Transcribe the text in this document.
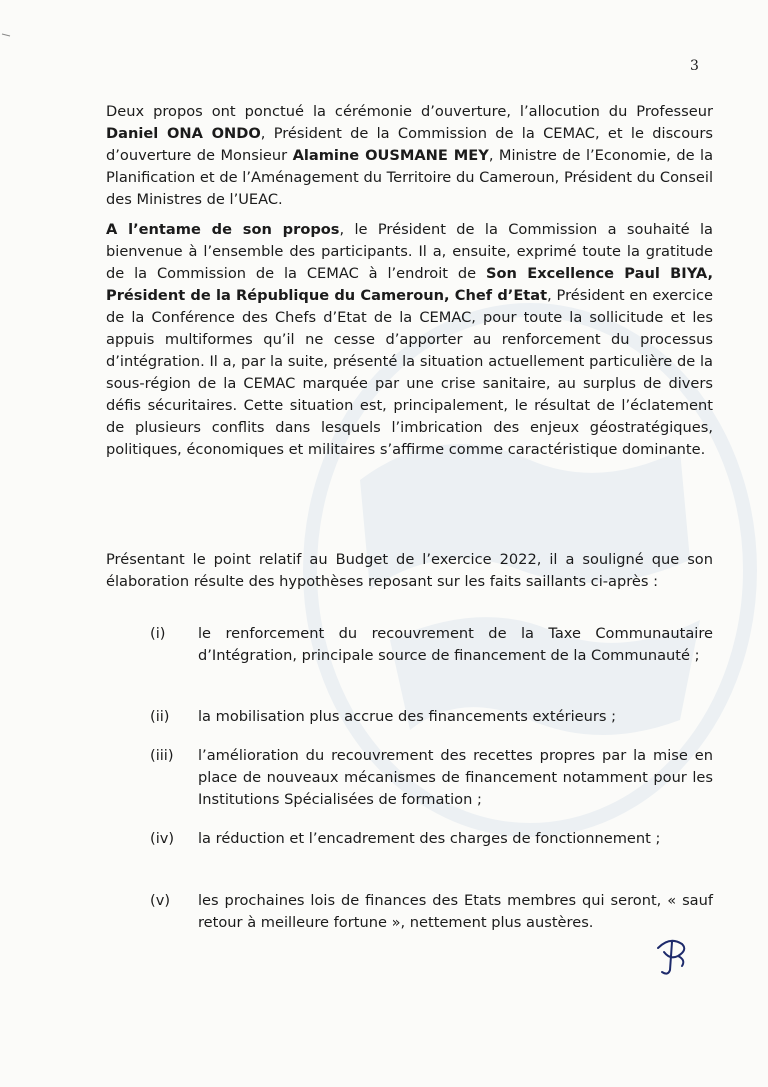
3

Deux propos ont ponctué la cérémonie d’ouverture, l’allocution du Professeur Daniel ONA ONDO, Président de la Commission de la CEMAC, et le discours d’ouverture de Monsieur Alamine OUSMANE MEY, Ministre de l’Economie, de la Planification et de l’Aménagement du Territoire du Cameroun, Président du Conseil des Ministres de l’UEAC.

A l’entame de son propos, le Président de la Commission a souhaité la bienvenue à l’ensemble des participants. Il a, ensuite, exprimé toute la gratitude de la Commission de la CEMAC à l’endroit de Son Excellence Paul BIYA, Président de la République du Cameroun, Chef d’Etat, Président en exercice de la Conférence des Chefs d’Etat de la CEMAC, pour toute la sollicitude et les appuis multiformes qu’il ne cesse d’apporter au renforcement du processus d’intégration. Il a, par la suite, présenté la situation actuellement particulière de la sous-région de la CEMAC marquée par une crise sanitaire, au surplus de divers défis sécuritaires. Cette situation est, principalement, le résultat de l’éclatement de plusieurs conflits dans lesquels l’imbrication des enjeux géostratégiques, politiques, économiques et militaires s’affirme comme caractéristique dominante.

Présentant le point relatif au Budget de l’exercice 2022, il a souligné que son élaboration résulte des hypothèses reposant sur les faits saillants ci-après :

(i) le renforcement du recouvrement de la Taxe Communautaire d’Intégration, principale source de financement de la Communauté ;
(ii) la mobilisation plus accrue des financements extérieurs ;
(iii) l’amélioration du recouvrement des recettes propres par la mise en place de nouveaux mécanismes de financement notamment pour les Institutions Spécialisées de formation ;
(iv) la réduction et l’encadrement des charges de fonctionnement ;
(v) les prochaines lois de finances des Etats membres qui seront, « sauf retour à meilleure fortune », nettement plus austères.
